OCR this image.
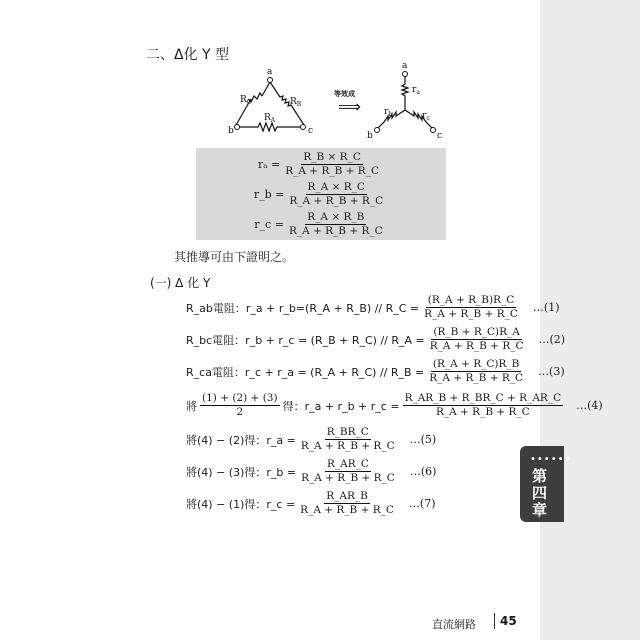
••••••
第四章
二、Δ化 Y 型
a
b	c
$R_C$	$R_B$
$R_A$
等效成
⟹
a
b	c
$r_a$
$r_b$	$r_c$
$r_a = \frac{R\_B \times R\_C}{R\_A + R\_B + R\_C}$
r_b = $\frac{R\_A \times R\_C}{R\_A + R\_B + R\_C}$
r_c = $\frac{R\_A \times R\_B}{R\_A + R\_B + R\_C}$
其推導可由下證明之。
(一) Δ 化 Y
R_ab電阻：r_a + r_b=(R_A + R_B) // R_C = $\frac{(R\_A + R\_B)R\_C}{R\_A + R\_B + R\_C}$ …(1)
R_bc電阻：r_b + r_c = (R_B + R_C) // R_A = $\frac{(R\_B + R\_C)R\_A}{R\_A + R\_B + R\_C}$ …(2)
R_ca電阻：r_c + r_a = (R_A + R_C) // R_B = $\frac{(R\_A + R\_C)R\_B}{R\_A + R\_B + R\_C}$ …(3)
將 $\frac{(1) + (2) + (3)}{2}$ 得：r_a + r_b + r_c = $\frac{R\_AR\_B + R\_BR\_C + R\_AR\_C}{R\_A + R\_B + R\_C}$ …(4)
將(4) − (2)得：r_a = $\frac{R\_BR\_C}{R\_A + R\_B + R\_C}$ …(5)
將(4) − (3)得：r_b = $\frac{R\_AR\_C}{R\_A + R\_B + R\_C}$ …(6)
將(4) − (1)得：r_c = $\frac{R\_AR\_B}{R\_A + R\_B + R\_C}$ …(7)
直流網路 45
